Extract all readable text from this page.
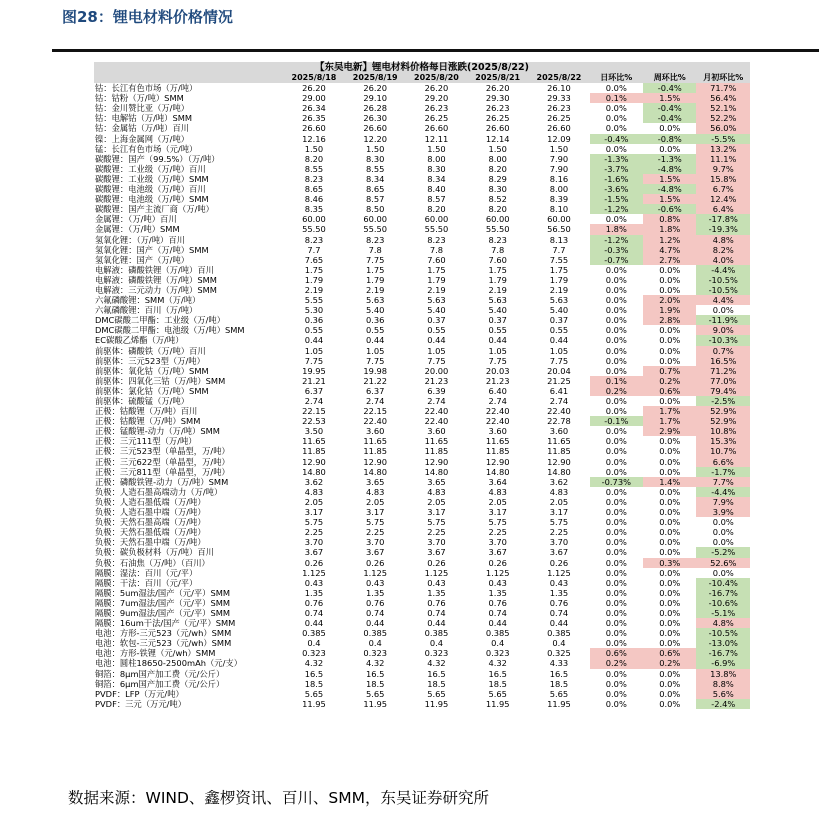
图28：锂电材料价格情况
【东吴电新】锂电材料价格每日涨跌(2025/8/22)
	2025/8/18	2025/8/19	2025/8/20	2025/8/21	2025/8/22	日环比%	周环比%	月初环比%
钴：长江有色市场（万/吨）	26.20	26.20	26.20	26.20	26.10	0.0%	-0.4%	71.7%
钴：钴粉（万/吨）SMM	29.00	29.10	29.20	29.30	29.33	0.1%	1.5%	56.4%
钴：金川赞比亚（万/吨）	26.34	26.28	26.23	26.23	26.23	0.0%	-0.4%	52.1%
钴：电解钴（万/吨）SMM	26.35	26.30	26.25	26.25	26.25	0.0%	-0.4%	52.2%
钴：金属钴（万/吨）百川	26.60	26.60	26.60	26.60	26.60	0.0%	0.0%	56.0%
镍：上海金属网（万/吨）	12.16	12.20	12.11	12.14	12.09	-0.4%	-0.8%	-5.5%
锰：长江有色市场（元/吨）	1.50	1.50	1.50	1.50	1.50	0.0%	0.0%	13.2%
碳酸锂：国产（99.5%）（万/吨）	8.20	8.30	8.00	8.00	7.90	-1.3%	-1.3%	11.1%
碳酸锂：工业级（万/吨）百川	8.55	8.55	8.30	8.20	7.90	-3.7%	-4.8%	9.7%
碳酸锂：工业级（万/吨）SMM	8.23	8.34	8.34	8.29	8.16	-1.6%	1.5%	15.8%
碳酸锂：电池级（万/吨）百川	8.65	8.65	8.40	8.30	8.00	-3.6%	-4.8%	6.7%
碳酸锂：电池级（万/吨）SMM	8.46	8.57	8.57	8.52	8.39	-1.5%	1.5%	12.4%
碳酸锂：国产主流厂商（万/吨）	8.35	8.50	8.20	8.20	8.10	-1.2%	-0.6%	6.4%
金属锂：（万/吨）百川	60.00	60.00	60.00	60.00	60.00	0.0%	0.8%	-17.8%
金属锂：（万/吨）SMM	55.50	55.50	55.50	55.50	56.50	1.8%	1.8%	-19.3%
氢氧化锂：（万/吨）百川	8.23	8.23	8.23	8.23	8.13	-1.2%	1.2%	4.8%
氢氧化锂：国产（万/吨）SMM	7.7	7.8	7.8	7.8	7.7	-0.3%	4.7%	8.2%
氢氧化锂：国产（万/吨）	7.65	7.75	7.60	7.60	7.55	-0.7%	2.7%	4.0%
电解液：磷酸铁锂（万/吨）百川	1.75	1.75	1.75	1.75	1.75	0.0%	0.0%	-4.4%
电解液：磷酸铁锂（万/吨）SMM	1.79	1.79	1.79	1.79	1.79	0.0%	0.0%	-10.5%
电解液：三元动力（万/吨）SMM	2.19	2.19	2.19	2.19	2.19	0.0%	0.0%	-10.5%
六氟磷酸锂：SMM（万/吨）	5.55	5.63	5.63	5.63	5.63	0.0%	2.0%	4.4%
六氟磷酸锂：百川（万/吨）	5.30	5.40	5.40	5.40	5.40	0.0%	1.9%	0.0%
DMC碳酸二甲酯：工业级（万/吨）	0.36	0.36	0.37	0.37	0.37	0.0%	2.8%	-11.9%
DMC碳酸二甲酯：电池级（万/吨）SMM	0.55	0.55	0.55	0.55	0.55	0.0%	0.0%	9.0%
EC碳酸乙烯酯（万/吨）	0.44	0.44	0.44	0.44	0.44	0.0%	0.0%	-10.3%
前驱体：磷酸铁（万/吨）百川	1.05	1.05	1.05	1.05	1.05	0.0%	0.0%	0.7%
前驱体：三元523型（万/吨）	7.75	7.75	7.75	7.75	7.75	0.0%	0.0%	16.5%
前驱体：氧化钴（万/吨）SMM	19.95	19.98	20.00	20.03	20.04	0.0%	0.7%	71.2%
前驱体：四氧化三钴（万/吨）SMM	21.21	21.22	21.23	21.23	21.25	0.1%	0.2%	77.0%
前驱体：氯化钴（万/吨）SMM	6.37	6.37	6.39	6.40	6.41	0.2%	0.6%	79.4%
前驱体：硫酸锰（万/吨）	2.74	2.74	2.74	2.74	2.74	0.0%	0.0%	-2.5%
正极：钴酸锂（万/吨）百川	22.15	22.15	22.40	22.40	22.40	0.0%	1.7%	52.9%
正极：钴酸锂（万/吨）SMM	22.53	22.40	22.40	22.40	22.78	-0.1%	1.7%	52.9%
正极：锰酸锂-动力（万/吨）SMM	3.50	3.60	3.60	3.60	3.60	0.0%	2.9%	10.8%
正极：三元111型（万/吨）	11.65	11.65	11.65	11.65	11.65	0.0%	0.0%	15.3%
正极：三元523型（单晶型，万/吨）	11.85	11.85	11.85	11.85	11.85	0.0%	0.0%	10.7%
正极：三元622型（单晶型，万/吨）	12.90	12.90	12.90	12.90	12.90	0.0%	0.0%	6.6%
正极：三元811型（单晶型，万/吨）	14.80	14.80	14.80	14.80	14.80	0.0%	0.0%	-1.7%
正极：磷酸铁锂-动力（万/吨）SMM	3.62	3.65	3.65	3.64	3.62	-0.73%	1.4%	7.7%
负极：人造石墨高端动力（万/吨）	4.83	4.83	4.83	4.83	4.83	0.0%	0.0%	-4.4%
负极：人造石墨低端（万/吨）	2.05	2.05	2.05	2.05	2.05	0.0%	0.0%	7.9%
负极：人造石墨中端（万/吨）	3.17	3.17	3.17	3.17	3.17	0.0%	0.0%	3.9%
负极：天然石墨高端（万/吨）	5.75	5.75	5.75	5.75	5.75	0.0%	0.0%	0.0%
负极：天然石墨低端（万/吨）	2.25	2.25	2.25	2.25	2.25	0.0%	0.0%	0.0%
负极：天然石墨中端（万/吨）	3.70	3.70	3.70	3.70	3.70	0.0%	0.0%	0.0%
负极：碳负极材料（万/吨）百川	3.67	3.67	3.67	3.67	3.67	0.0%	0.0%	-5.2%
负极：石油焦（万/吨）（百川）	0.26	0.26	0.26	0.26	0.26	0.0%	0.3%	52.6%
隔膜：湿法：百川（元/平）	1.125	1.125	1.125	1.125	1.125	0.0%	0.0%	0.0%
隔膜：干法：百川（元/平）	0.43	0.43	0.43	0.43	0.43	0.0%	0.0%	-10.4%
隔膜：5um湿法/国产（元/平）SMM	1.35	1.35	1.35	1.35	1.35	0.0%	0.0%	-16.7%
隔膜：7um湿法/国产（元/平）SMM	0.76	0.76	0.76	0.76	0.76	0.0%	0.0%	-10.6%
隔膜：9um湿法/国产（元/平）SMM	0.74	0.74	0.74	0.74	0.74	0.0%	0.0%	-5.1%
隔膜：16um干法/国产（元/平）SMM	0.44	0.44	0.44	0.44	0.44	0.0%	0.0%	4.8%
电池：方形-三元523（元/wh）SMM	0.385	0.385	0.385	0.385	0.385	0.0%	0.0%	-10.5%
电池：软包-三元523（元/wh）SMM	0.4	0.4	0.4	0.4	0.4	0.0%	0.0%	-13.0%
电池：方形-铁锂（元/wh）SMM	0.323	0.323	0.323	0.323	0.325	0.6%	0.6%	-16.7%
电池：圆柱18650-2500mAh（元/支）	4.32	4.32	4.32	4.32	4.33	0.2%	0.2%	-6.9%
铜箔：8μm国产加工费（元/公斤）	16.5	16.5	16.5	16.5	16.5	0.0%	0.0%	13.8%
铜箔：6μm国产加工费（元/公斤）	18.5	18.5	18.5	18.5	18.5	0.0%	0.0%	8.8%
PVDF：LFP（万元/吨）	5.65	5.65	5.65	5.65	5.65	0.0%	0.0%	5.6%
PVDF：三元（万元/吨）	11.95	11.95	11.95	11.95	11.95	0.0%	0.0%	-2.4%
数据来源：WIND、鑫椤资讯、百川、SMM，东吴证券研究所
